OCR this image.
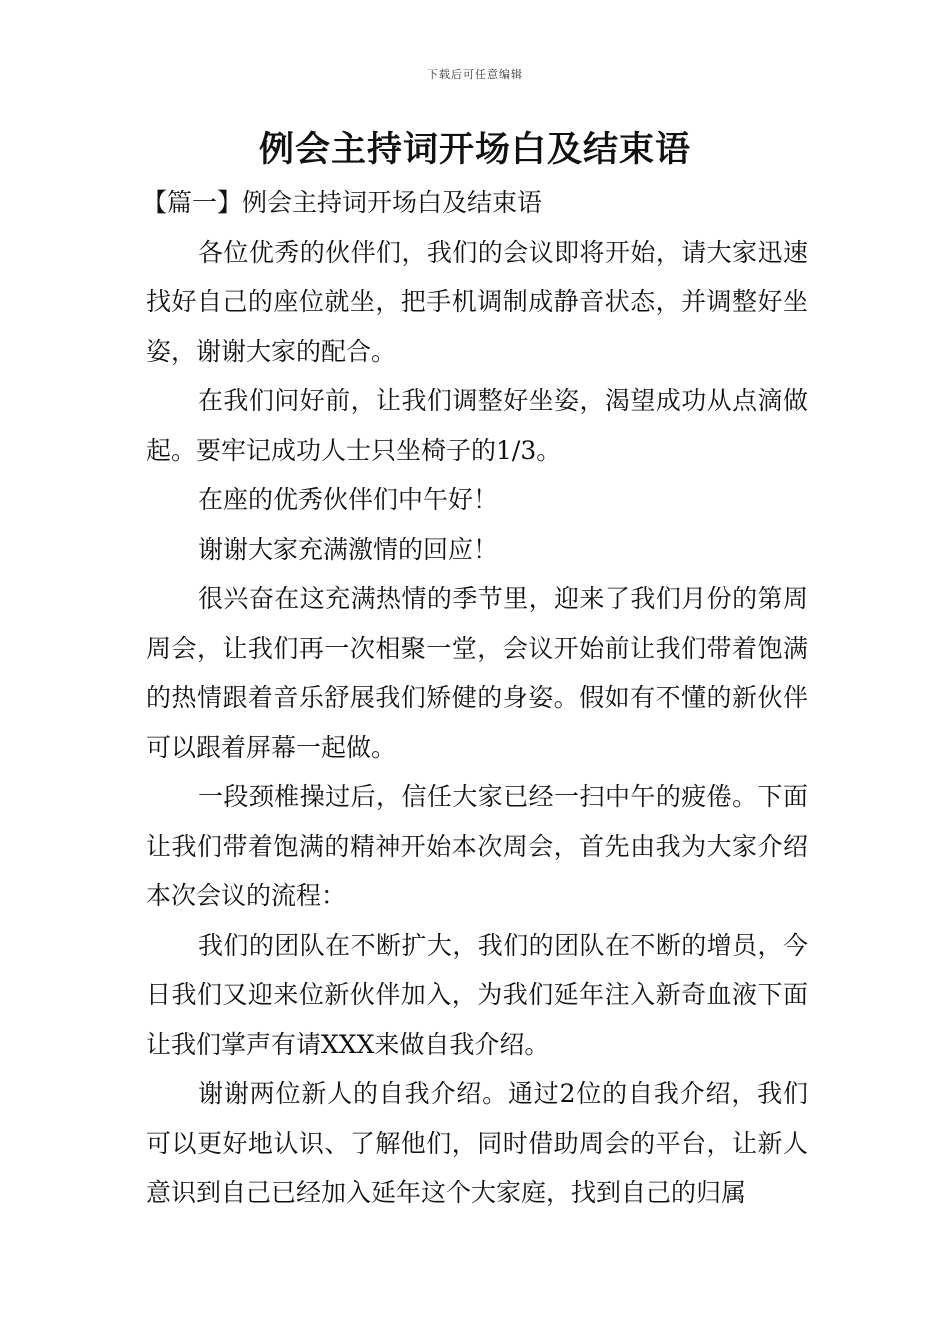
下载后可任意编辑
例会主持词开场白及结束语

【篇一】例会主持词开场白及结束语

各位优秀的伙伴们，我们的会议即将开始，请大家迅速找好自己的座位就坐，把手机调制成静音状态，并调整好坐姿，谢谢大家的配合。

在我们问好前，让我们调整好坐姿，渴望成功从点滴做起。要牢记成功人士只坐椅子的1/3。

在座的优秀伙伴们中午好！

谢谢大家充满激情的回应！

很兴奋在这充满热情的季节里，迎来了我们月份的第周周会，让我们再一次相聚一堂，会议开始前让我们带着饱满的热情跟着音乐舒展我们矫健的身姿。假如有不懂的新伙伴可以跟着屏幕一起做。

一段颈椎操过后，信任大家已经一扫中午的疲倦。下面让我们带着饱满的精神开始本次周会，首先由我为大家介绍本次会议的流程：

我们的团队在不断扩大，我们的团队在不断的增员，今日我们又迎来位新伙伴加入，为我们延年注入新奇血液下面让我们掌声有请XXX来做自我介绍。

谢谢两位新人的自我介绍。通过2位的自我介绍，我们可以更好地认识、了解他们，同时借助周会的平台，让新人意识到自己已经加入延年这个大家庭，找到自己的归属
